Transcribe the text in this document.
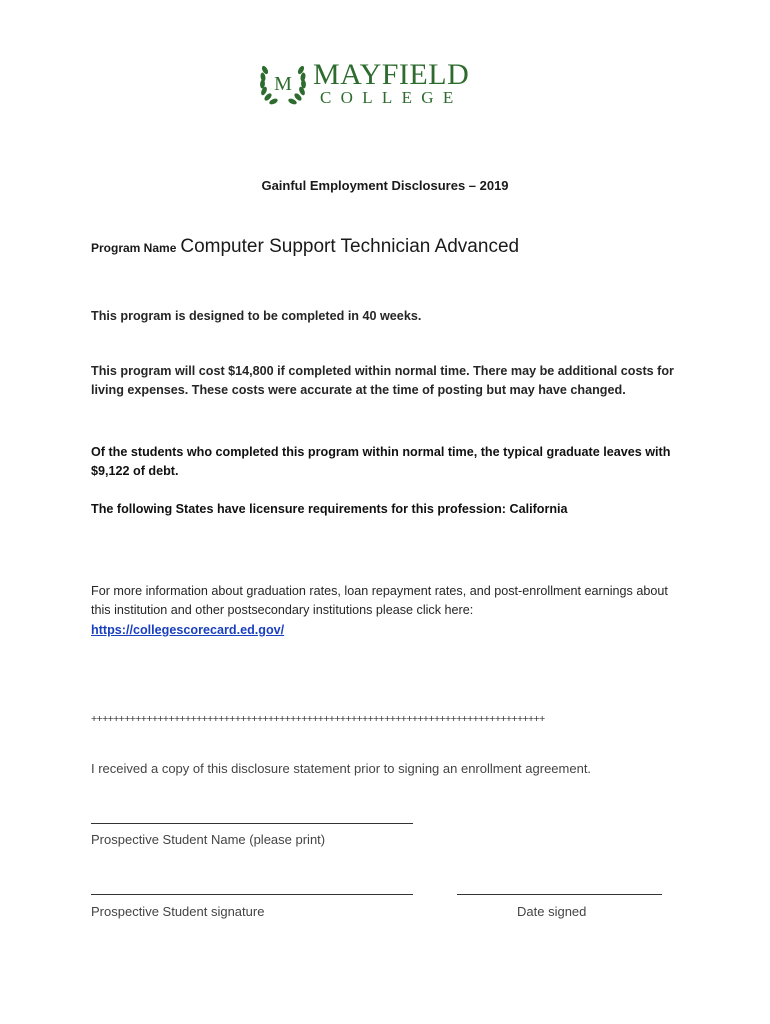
M MAYFIELD
COLLEGE
Gainful Employment Disclosures – 2019
Program Name Computer Support Technician Advanced
This program is designed to be completed in 40 weeks.
This program will cost $14,800 if completed within normal time. There may be additional costs for living expenses. These costs were accurate at the time of posting but may have changed.
Of the students who completed this program within normal time, the typical graduate leaves with $9,122 of debt.
The following States have licensure requirements for this profession: California
For more information about graduation rates, loan repayment rates, and post-enrollment earnings about this institution and other postsecondary institutions please click here:
https://collegescorecard.ed.gov/
++++++++++++++++++++++++++++++++++++++++++++++++++++++++++++++++++++++++++++++++++
I received a copy of this disclosure statement prior to signing an enrollment agreement.
Prospective Student Name (please print)
Prospective Student signature	Date signed
